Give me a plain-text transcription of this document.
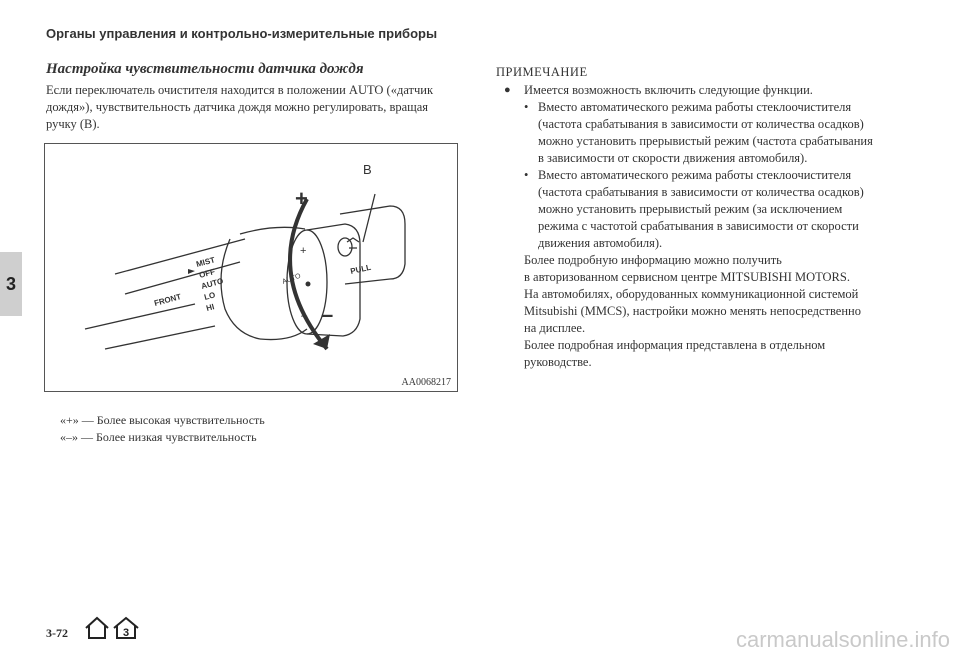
Органы управления и контрольно-измерительные приборы
3

Настройка чувствительности датчика дождя

Если переключатель очистителя находится в положении AUTO («датчик
дождя»), чувствительность датчика дождя можно регулировать, вращая
ручку (B).

+
–
AUTO
PULL
+
–
B
MIST
OFF
AUTO
LO
HI
FRONT
AA0068217
«+» — Более высокая чувствительность
«–» — Более низкая чувствительность
ПРИМЕЧАНИЕ
●	Имеется возможность включить следующие функции.
• Вместо автоматического режима работы стеклоочистителя
(частота срабатывания в зависимости от количества осадков)
можно установить прерывистый режим (частота срабатывания
в зависимости от скорости движения автомобиля).
• Вместо автоматического режима работы стеклоочистителя
(частота срабатывания в зависимости от количества осадков)
можно установить прерывистый режим (за исключением
режима с частотой срабатывания в зависимости от скорости
движения автомобиля).
Более подробную информацию можно получить
в авторизованном сервисном центре MITSUBISHI MOTORS.
На автомобилях, оборудованных коммуникационной системой
Mitsubishi (MMCS), настройки можно менять непосредственно
на дисплее.
Более подробная информация представлена в отдельном
руководстве.
3-72	3	carmanualsonline.info
